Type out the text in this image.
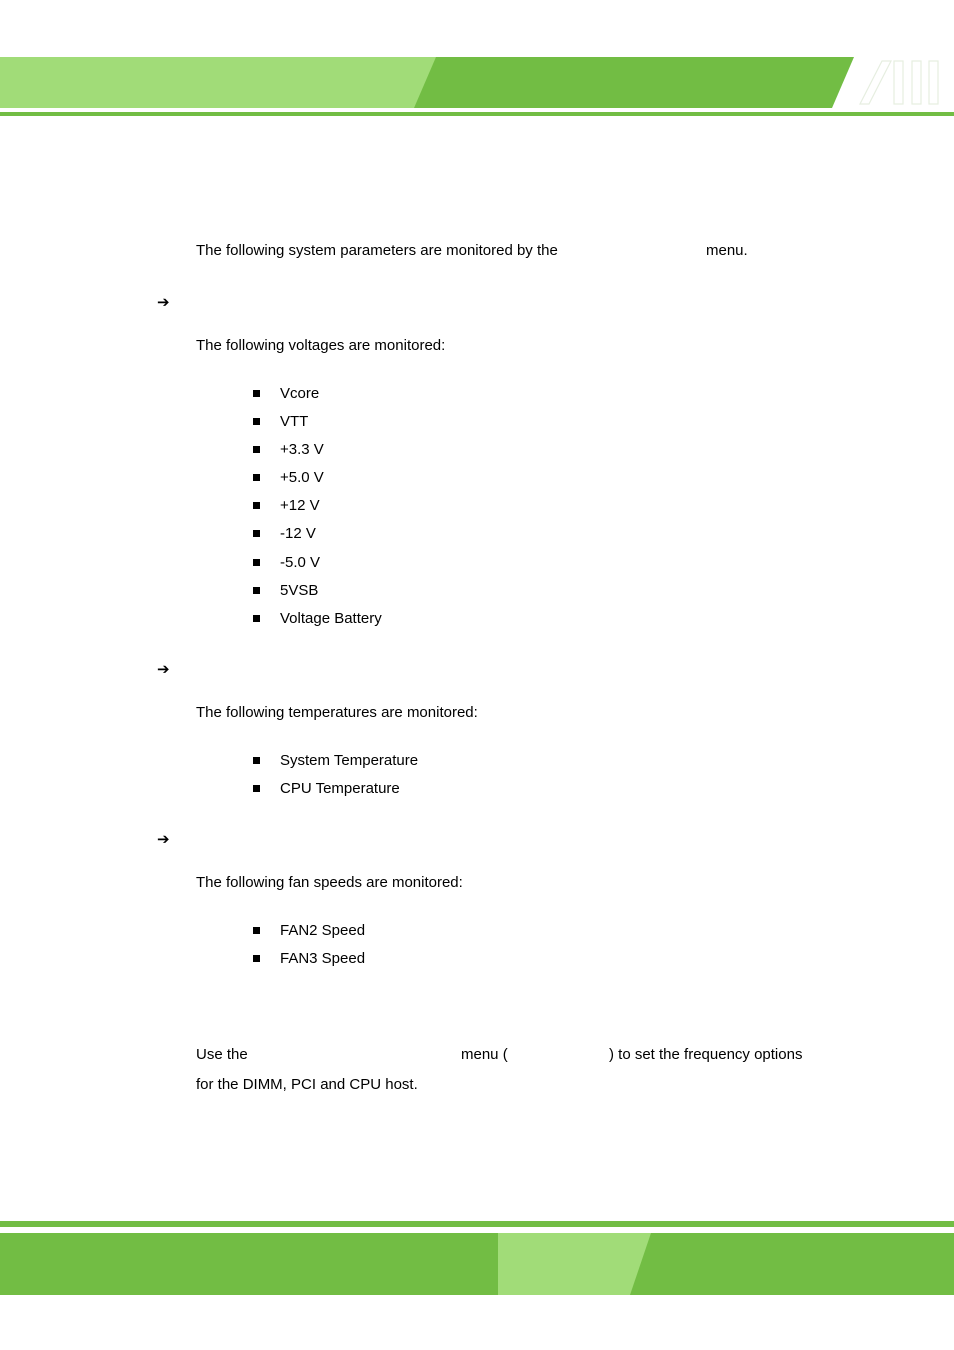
The following system parameters are monitored by the	menu.
➔
The following voltages are monitored:
Vcore
VTT
+3.3 V
+5.0 V
+12 V
-12 V
-5.0 V
5VSB
Voltage Battery
➔
The following temperatures are monitored:
System Temperature
CPU Temperature
➔
The following fan speeds are monitored:
FAN2 Speed
FAN3 Speed
Use the	menu (	) to set the frequency options
for the DIMM, PCI and CPU host.
